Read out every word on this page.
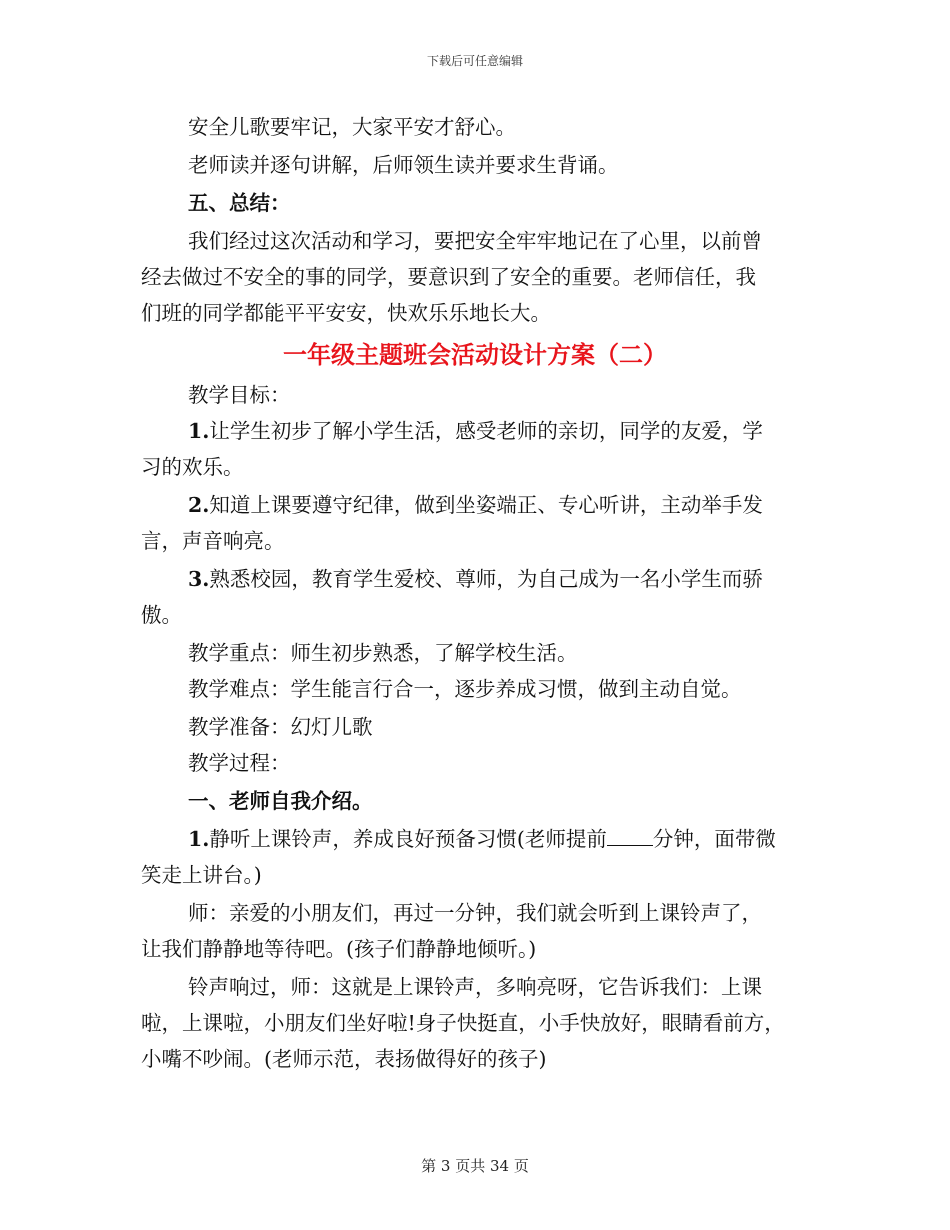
下载后可任意编辑

安全儿歌要牢记，大家平安才舒心。

老师读并逐句讲解，后师领生读并要求生背诵。

五、总结：

我们经过这次活动和学习，要把安全牢牢地记在了心里，以前曾

经去做过不安全的事的同学，要意识到了安全的重要。老师信任，我

们班的同学都能平平安安，快欢乐乐地长大。

一年级主题班会活动设计方案（二）

教学目标：

1.让学生初步了解小学生活，感受老师的亲切，同学的友爱，学

习的欢乐。

2.知道上课要遵守纪律，做到坐姿端正、专心听讲，主动举手发

言，声音响亮。

3.熟悉校园，教育学生爱校、尊师，为自己成为一名小学生而骄

傲。

教学重点：师生初步熟悉，了解学校生活。

教学难点：学生能言行合一，逐步养成习惯，做到主动自觉。

教学准备：幻灯儿歌

教学过程：

一、老师自我介绍。

1.静听上课铃声，养成良好预备习惯(老师提前 分钟，面带微

笑走上讲台。)

师：亲爱的小朋友们，再过一分钟，我们就会听到上课铃声了，

让我们静静地等待吧。(孩子们静静地倾听。)

铃声响过，师：这就是上课铃声，多响亮呀，它告诉我们：上课

啦，上课啦，小朋友们坐好啦!身子快挺直，小手快放好，眼睛看前方，

小嘴不吵闹。(老师示范，表扬做得好的孩子)

第 3 页共 34 页
